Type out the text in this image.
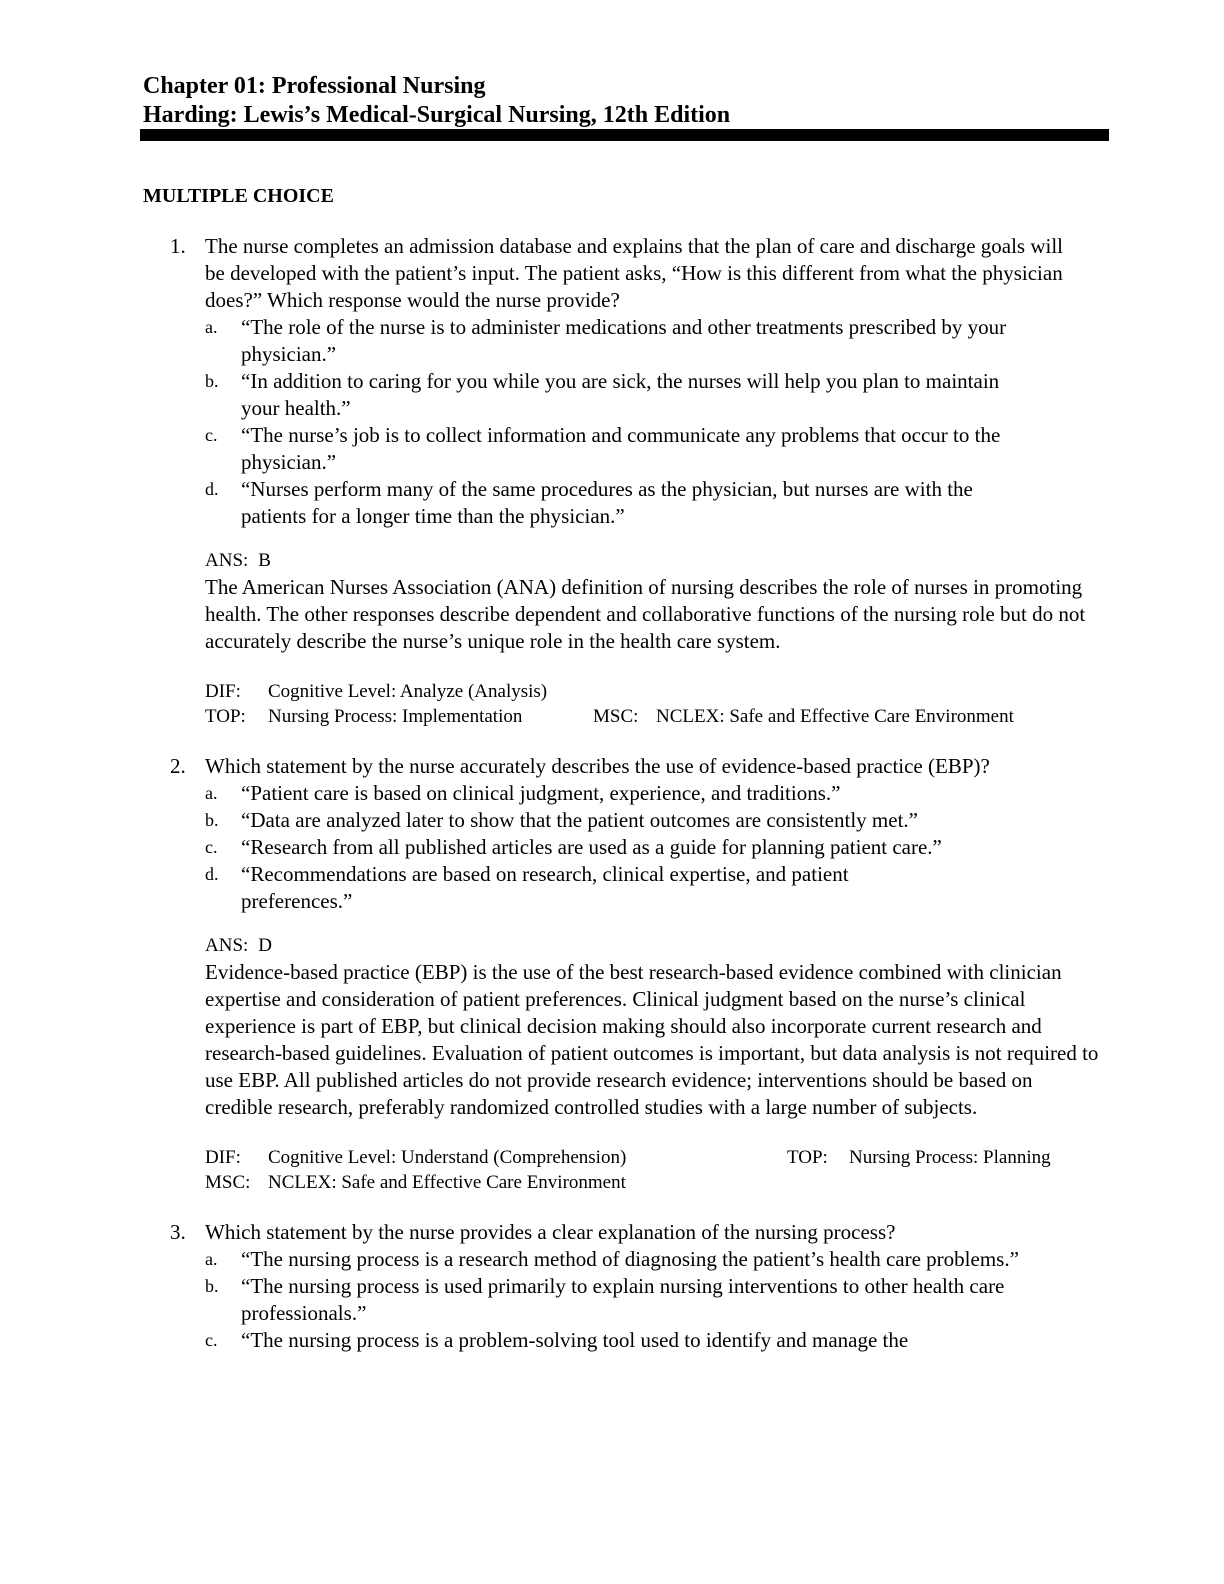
Chapter 01: Professional Nursing
Harding: Lewis’s Medical-Surgical Nursing, 12th Edition
MULTIPLE CHOICE
1. The nurse completes an admission database and explains that the plan of care and discharge goals will be developed with the patient’s input. The patient asks, “How is this different from what the physician does?” Which response would the nurse provide?
a.	“The role of the nurse is to administer medications and other treatments prescribed by your physician.”
b.	“In addition to caring for you while you are sick, the nurses will help you plan to maintain your health.”
c.	“The nurse’s job is to collect information and communicate any problems that occur to the physician.”
d.	“Nurses perform many of the same procedures as the physician, but nurses are with the patients for a longer time than the physician.”
ANS: B
The American Nurses Association (ANA) definition of nursing describes the role of nurses in promoting health. The other responses describe dependent and collaborative functions of the nursing role but do not accurately describe the nurse’s unique role in the health care system.
DIF: Cognitive Level: Analyze (Analysis)
TOP: Nursing Process: Implementation	MSC: NCLEX: Safe and Effective Care Environment
2. Which statement by the nurse accurately describes the use of evidence-based practice (EBP)?
a.	“Patient care is based on clinical judgment, experience, and traditions.”
b.	“Data are analyzed later to show that the patient outcomes are consistently met.”
c.	“Research from all published articles are used as a guide for planning patient care.”
d.	“Recommendations are based on research, clinical expertise, and patient preferences.”
ANS: D
Evidence-based practice (EBP) is the use of the best research-based evidence combined with clinician expertise and consideration of patient preferences. Clinical judgment based on the nurse’s clinical experience is part of EBP, but clinical decision making should also incorporate current research and research-based guidelines. Evaluation of patient outcomes is important, but data analysis is not required to use EBP. All published articles do not provide research evidence; interventions should be based on credible research, preferably randomized controlled studies with a large number of subjects.
DIF: Cognitive Level: Understand (Comprehension)	TOP: Nursing Process: Planning
MSC: NCLEX: Safe and Effective Care Environment
3. Which statement by the nurse provides a clear explanation of the nursing process?
a.	“The nursing process is a research method of diagnosing the patient’s health care problems.”
b.	“The nursing process is used primarily to explain nursing interventions to other health care professionals.”
c.	“The nursing process is a problem-solving tool used to identify and manage the
